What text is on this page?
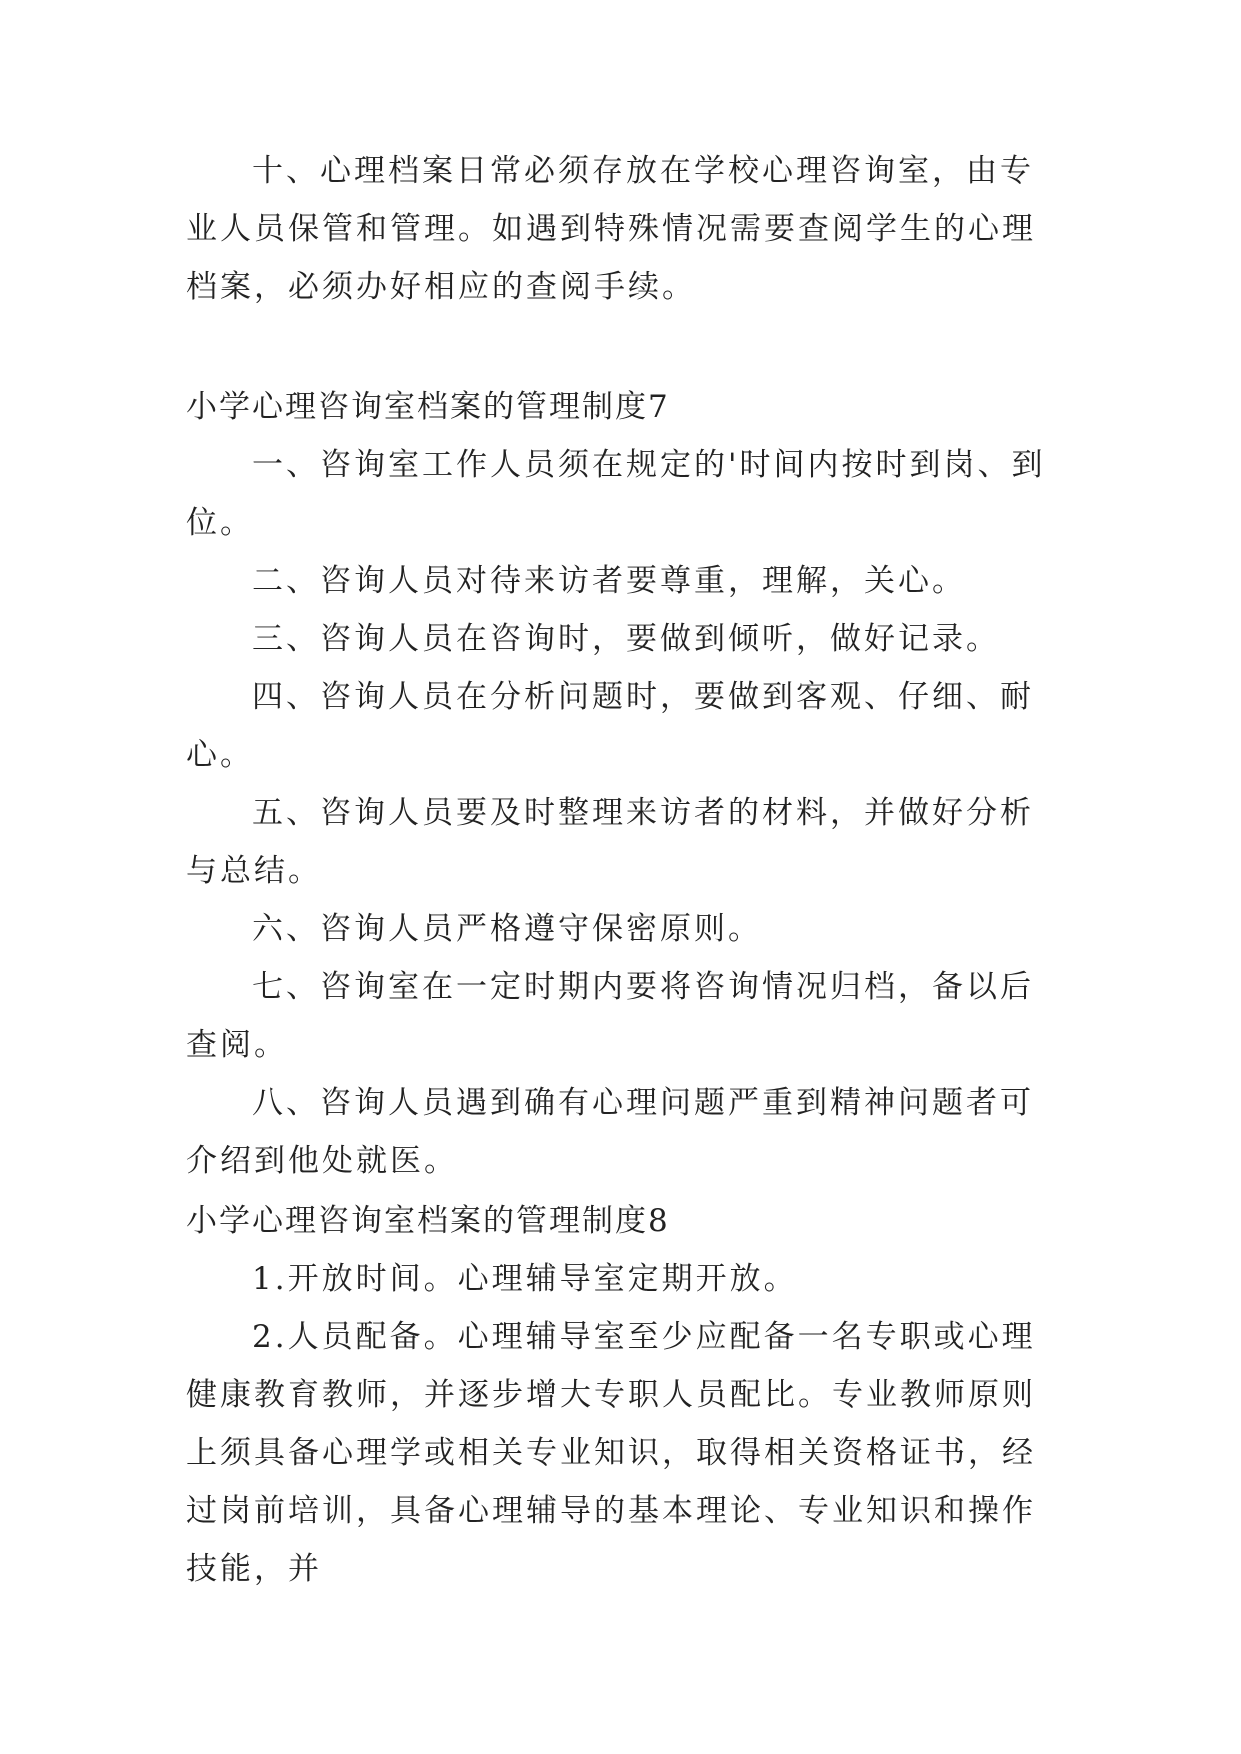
十、心理档案日常必须存放在学校心理咨询室，由专业人员保管和管理。如遇到特殊情况需要查阅学生的心理档案，必须办好相应的查阅手续。

小学心理咨询室档案的管理制度7

一、咨询室工作人员须在规定的'时间内按时到岗、到位。

二、咨询人员对待来访者要尊重，理解，关心。

三、咨询人员在咨询时，要做到倾听，做好记录。

四、咨询人员在分析问题时，要做到客观、仔细、耐心。

五、咨询人员要及时整理来访者的材料，并做好分析与总结。

六、咨询人员严格遵守保密原则。

七、咨询室在一定时期内要将咨询情况归档，备以后查阅。

八、咨询人员遇到确有心理问题严重到精神问题者可介绍到他处就医。

小学心理咨询室档案的管理制度8

1.开放时间。心理辅导室定期开放。

2.人员配备。心理辅导室至少应配备一名专职或心理健康教育教师，并逐步增大专职人员配比。专业教师原则上须具备心理学或相关专业知识，取得相关资格证书，经过岗前培训，具备心理辅导的基本理论、专业知识和操作技能，并
